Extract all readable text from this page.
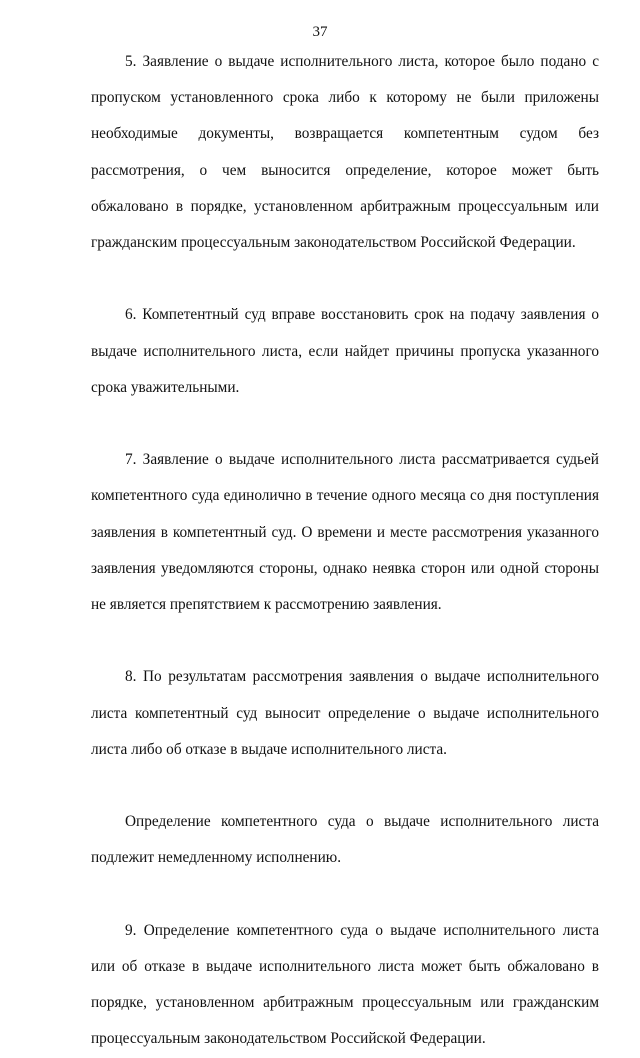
37

5. Заявление о выдаче исполнительного листа, которое было подано с пропуском установленного срока либо к которому не были приложены необходимые документы, возвращается компетентным судом без рассмотрения, о чем выносится определение, которое может быть обжаловано в порядке, установленном арбитражным процессуальным или гражданским процессуальным законодательством Российской Федерации.

6. Компетентный суд вправе восстановить срок на подачу заявления о выдаче исполнительного листа, если найдет причины пропуска указанного срока уважительными.

7. Заявление о выдаче исполнительного листа рассматривается судьей компетентного суда единолично в течение одного месяца со дня поступления заявления в компетентный суд. О времени и месте рассмотрения указанного заявления уведомляются стороны, однако неявка сторон или одной стороны не является препятствием к рассмотрению заявления.

8. По результатам рассмотрения заявления о выдаче исполнительного листа компетентный суд выносит определение о выдаче исполнительного листа либо об отказе в выдаче исполнительного листа.

Определение компетентного суда о выдаче исполнительного листа подлежит немедленному исполнению.

9. Определение компетентного суда о выдаче исполнительного листа или об отказе в выдаче исполнительного листа может быть обжаловано в порядке, установленном арбитражным процессуальным или гражданским процессуальным законодательством Российской Федерации.
